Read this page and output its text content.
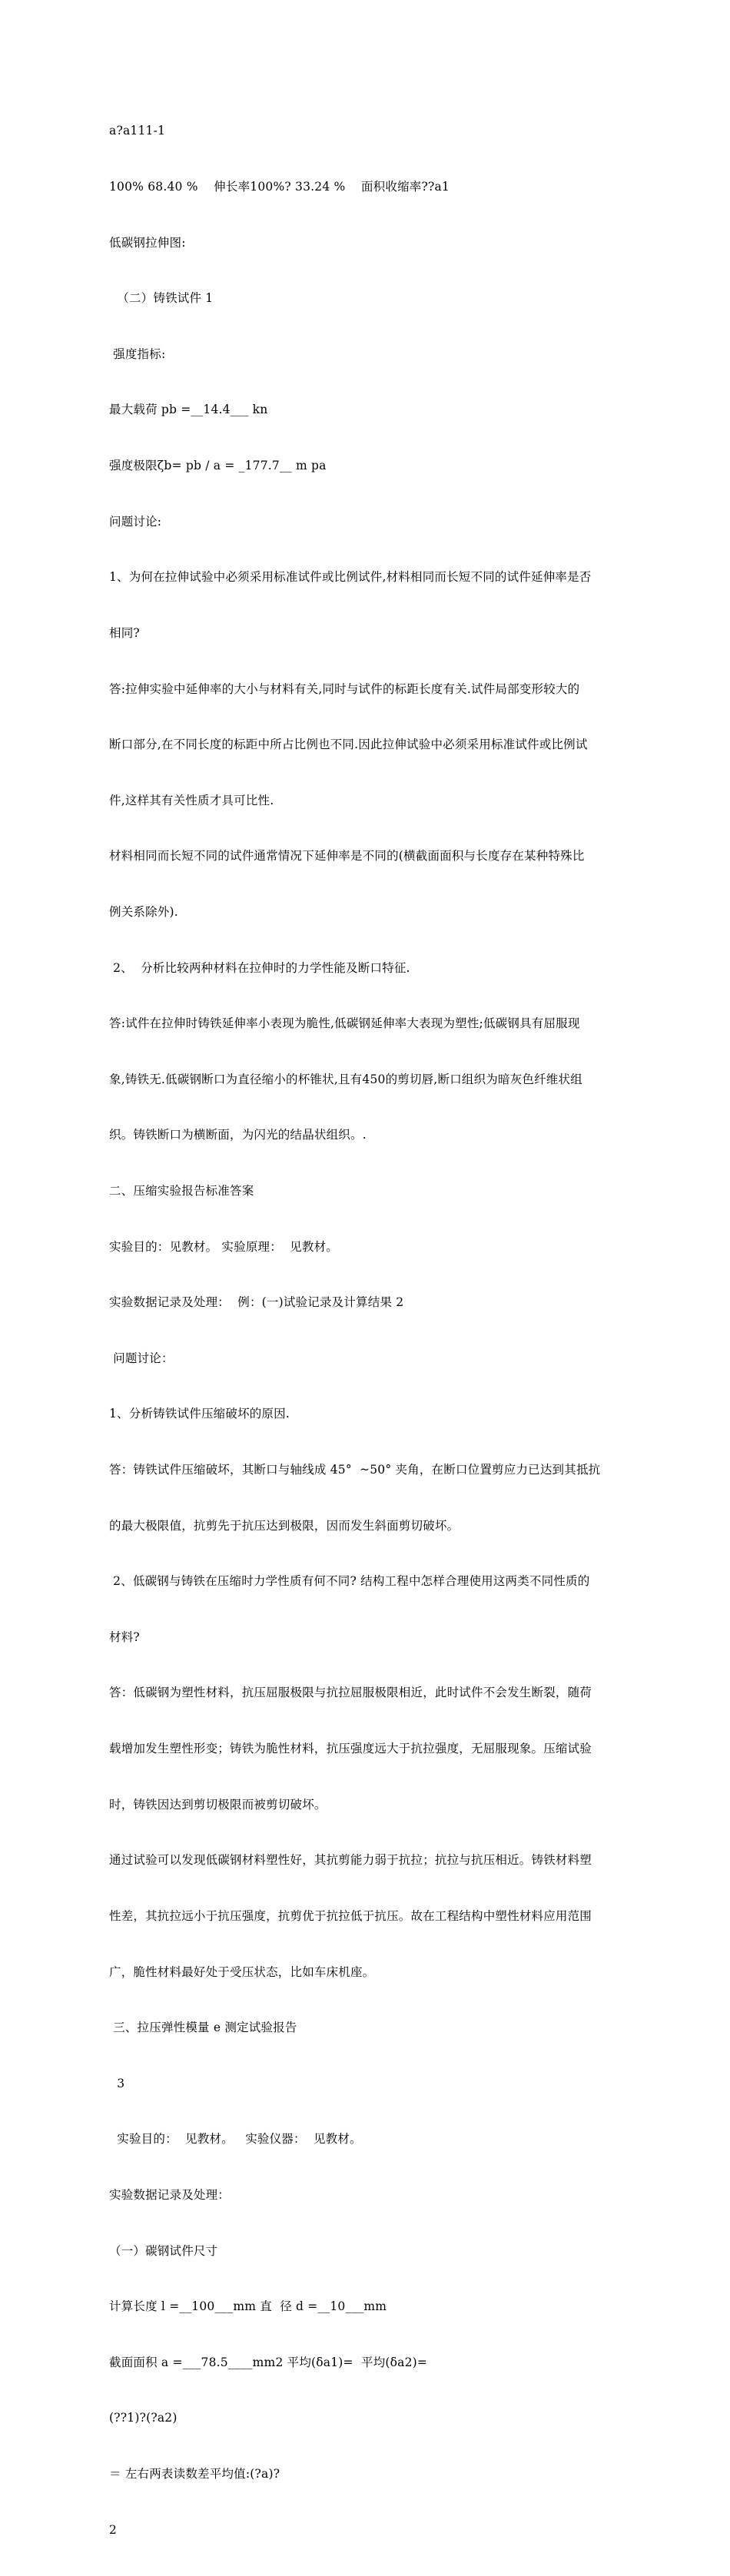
a?a111-1

100% 68.40 %    伸长率100%? 33.24 %    面积收缩率??a1

低碳钢拉伸图:

（二）铸铁试件 1

强度指标:

最大载荷 pb =__14.4___ kn

强度极限ζb= pb / a = _177.7__ m pa

问题讨论:

1、为何在拉伸试验中必须采用标准试件或比例试件,材料相同而长短不同的试件延伸率是否

相同?

答:拉伸实验中延伸率的大小与材料有关,同时与试件的标距长度有关.试件局部变形较大的

断口部分,在不同长度的标距中所占比例也不同.因此拉伸试验中必须采用标准试件或比例试

件,这样其有关性质才具可比性.

材料相同而长短不同的试件通常情况下延伸率是不同的(横截面面积与长度存在某种特殊比

例关系除外).

2、  分析比较两种材料在拉伸时的力学性能及断口特征.

答:试件在拉伸时铸铁延伸率小表现为脆性,低碳钢延伸率大表现为塑性;低碳钢具有屈服现

象,铸铁无.低碳钢断口为直径缩小的杯锥状,且有450的剪切唇,断口组织为暗灰色纤维状组

织。铸铁断口为横断面，为闪光的结晶状组织。.

二、压缩实验报告标准答案

实验目的：见教材。 实验原理：  见教材。

实验数据记录及处理：  例：(一)试验记录及计算结果 2

问题讨论：

1、分析铸铁试件压缩破坏的原因.

答：铸铁试件压缩破坏，其断口与轴线成 45°  ~50° 夹角，在断口位置剪应力已达到其抵抗

的最大极限值，抗剪先于抗压达到极限，因而发生斜面剪切破坏。

2、低碳钢与铸铁在压缩时力学性质有何不同? 结构工程中怎样合理使用这两类不同性质的

材料?

答：低碳钢为塑性材料，抗压屈服极限与抗拉屈服极限相近，此时试件不会发生断裂，随荷

载增加发生塑性形变；铸铁为脆性材料，抗压强度远大于抗拉强度，无屈服现象。压缩试验

时，铸铁因达到剪切极限而被剪切破坏。

通过试验可以发现低碳钢材料塑性好，其抗剪能力弱于抗拉；抗拉与抗压相近。铸铁材料塑

性差，其抗拉远小于抗压强度，抗剪优于抗拉低于抗压。故在工程结构中塑性材料应用范围

广，脆性材料最好处于受压状态，比如车床机座。

三、拉压弹性模量 e 测定试验报告

3

实验目的：  见教材。   实验仪器：  见教材。

实验数据记录及处理：

（一）碳钢试件尺寸

计算长度 l =__100___mm 直  径 d =__10___mm

截面面积 a =___78.5____mm2 平均(δa1)=  平均(δa2)=

(??1)?(?a2)

＝ 左右两表读数差平均值:(?a)?

2
